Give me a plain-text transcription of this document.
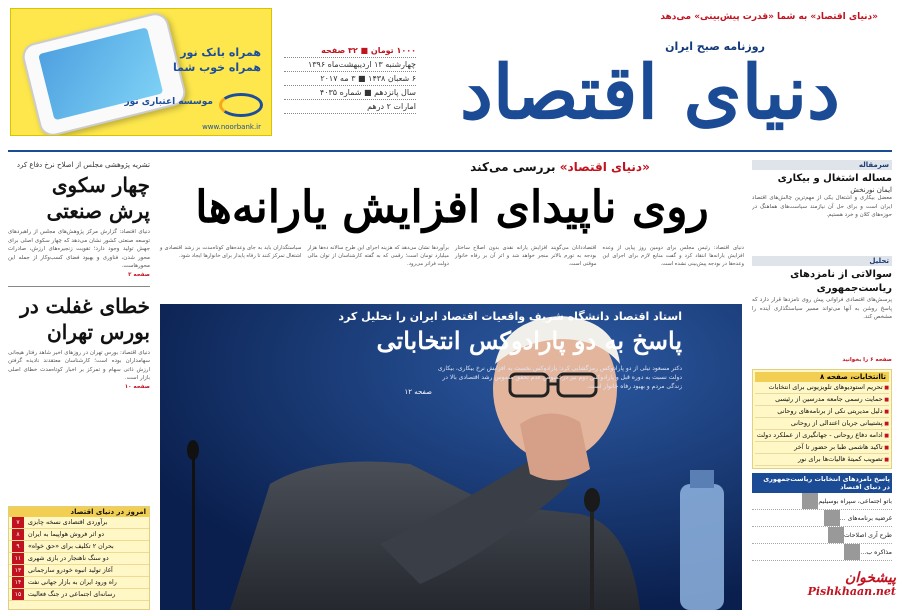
«دنیای اقتصاد» به شما «قدرت پیش‌بینی» می‌دهد
روزنامه صبح ایران
دنیای اقتصاد
۱۰۰۰ تومان ■ ۳۲ صفحه
چهارشنبه ۱۳ اردیبهشت‌ماه ۱۳۹۶
۶ شعبان ۱۴۳۸ ■ ۳ مه ۲۰۱۷
سال پانزدهم ■ شماره ۴۰۳۵
امارات ۲ درهم
همراه بانک نور
همراه خوب شما
موسسه اعتباری نور
www.noorbank.ir
تشریه پژوهشی مجلس از اصلاح نرخ دفاع کرد
چهار سکوی پرش صنعتی
دنیای اقتصاد: گزارش مرکز پژوهش‌های مجلس از راهبردهای توسعه صنعتی کشور نشان می‌دهد که چهار سکوی اصلی برای جهش تولید وجود دارد؛ تقویت زنجیره‌های ارزش، صادرات محور شدن، فناوری و بهبود فضای کسب‌وکار از جمله این محورهاست.
صفحه ۲
خطای غفلت در بورس تهران
دنیای اقتصاد: بورس تهران در روزهای اخیر شاهد رفتار هیجانی سهامداران بوده است؛ کارشناسان معتقدند نادیده گرفتن ارزش ذاتی سهام و تمرکز بر اخبار کوتاه‌مدت خطای اصلی بازار است.
صفحه ۱۰
امروز در دنیای اقتصاد
برآوردی اقتصادی نسخه چابزی
۷
دو اثر فروش هواپیما به ایران
۸
بحران ۲ تکلیف برای «حق خواه»
۹
دو سنگ ناهنجار در بازی شهری
۱۱
آغاز تولید انبوه خودرو سارجمانی
۱۳
راه ورود ایران به بازار جهانی نفت
۱۴
رسانه‌ای اجتماعی در جنگ فعالیت
۱۵
«دنیای اقتصاد» بررسی می‌کند
روی ناپیدای افزایش یارانه‌ها
دنیای اقتصاد: رئیس مجلس برای دومین روز پیاپی از وعده افزایش یارانه‌ها انتقاد کرد و گفت منابع لازم برای اجرای این وعده‌ها در بودجه پیش‌بینی نشده است.
اقتصاددانان می‌گویند افزایش یارانه نقدی بدون اصلاح ساختار بودجه به تورم بالاتر منجر خواهد شد و اثر آن بر رفاه خانوار موقتی است.
برآوردها نشان می‌دهد که هزینه اجرای این طرح سالانه ده‌ها هزار میلیارد تومان است؛ رقمی که به گفته کارشناسان از توان مالی دولت فراتر می‌رود.
سیاستگذاران باید به جای وعده‌های کوتاه‌مدت بر رشد اقتصادی و اشتغال تمرکز کنند تا رفاه پایدار برای خانوارها ایجاد شود.
استاد اقتصاد دانشگاه شریف واقعیات اقتصاد ایران را تحلیل کرد
پاسخ به دو پارادوکس انتخاباتی
دکتر مسعود نیلی از دو پارادوکس رمزگشایی کرد: پارادوکس نخست به افزایش نرخ بیکاری، بیکاری دولت نسبت به دوره قبل و پارادوکس دوم نیز درخصوص عدم تحقق ملموس رشد اقتصادی بالا در زندگی مردم و بهبود رفاه خانوار است.
صفحه ۱۲
سرمقاله
مساله اشتغال و بیکاری
ایمان نورنخش
معضل بیکاری و اشتغال یکی از مهم‌ترین چالش‌های اقتصاد ایران است و برای حل آن نیازمند سیاست‌های هماهنگ در حوزه‌های کلان و خرد هستیم.
تحلیل
سوالاتی از نامزدهای ریاست‌جمهوری
پرسش‌های اقتصادی فراوانی پیش روی نامزدها قرار دارد که پاسخ روشن به آنها می‌تواند مسیر سیاستگذاری آینده را مشخص کند.
صفحه ۶ را بخوانید
تاانتخابات، صفحه ۸
■ تحریم استودیوهای تلویزیونی برای انتخابات
■ حمایت رسمی جامعه مدرسین از رئیسی
■ دلیل مدیریتی نکی از برنامه‌های روحانی
■ پشتیبانی جریان اعتدالی از روحانی
■ ادامه دفاع روحانی - جهانگیری از عملکرد دولت
■ تاکید هاشمی طبا بر حضور تا آخر
■ تصویب کمیتهٔ فالیات‌ها برای نور
پاسخ نامزدهای انتخابات ریاست‌جمهوری در دنیای اقتصاد
باتو اجتماعی، سپراه بوسیلیم
غرضیه برنامه‌های ...
طرح آری اصلاحات
مذاکره ب...
پیشخوان
Pishkhaan.net
